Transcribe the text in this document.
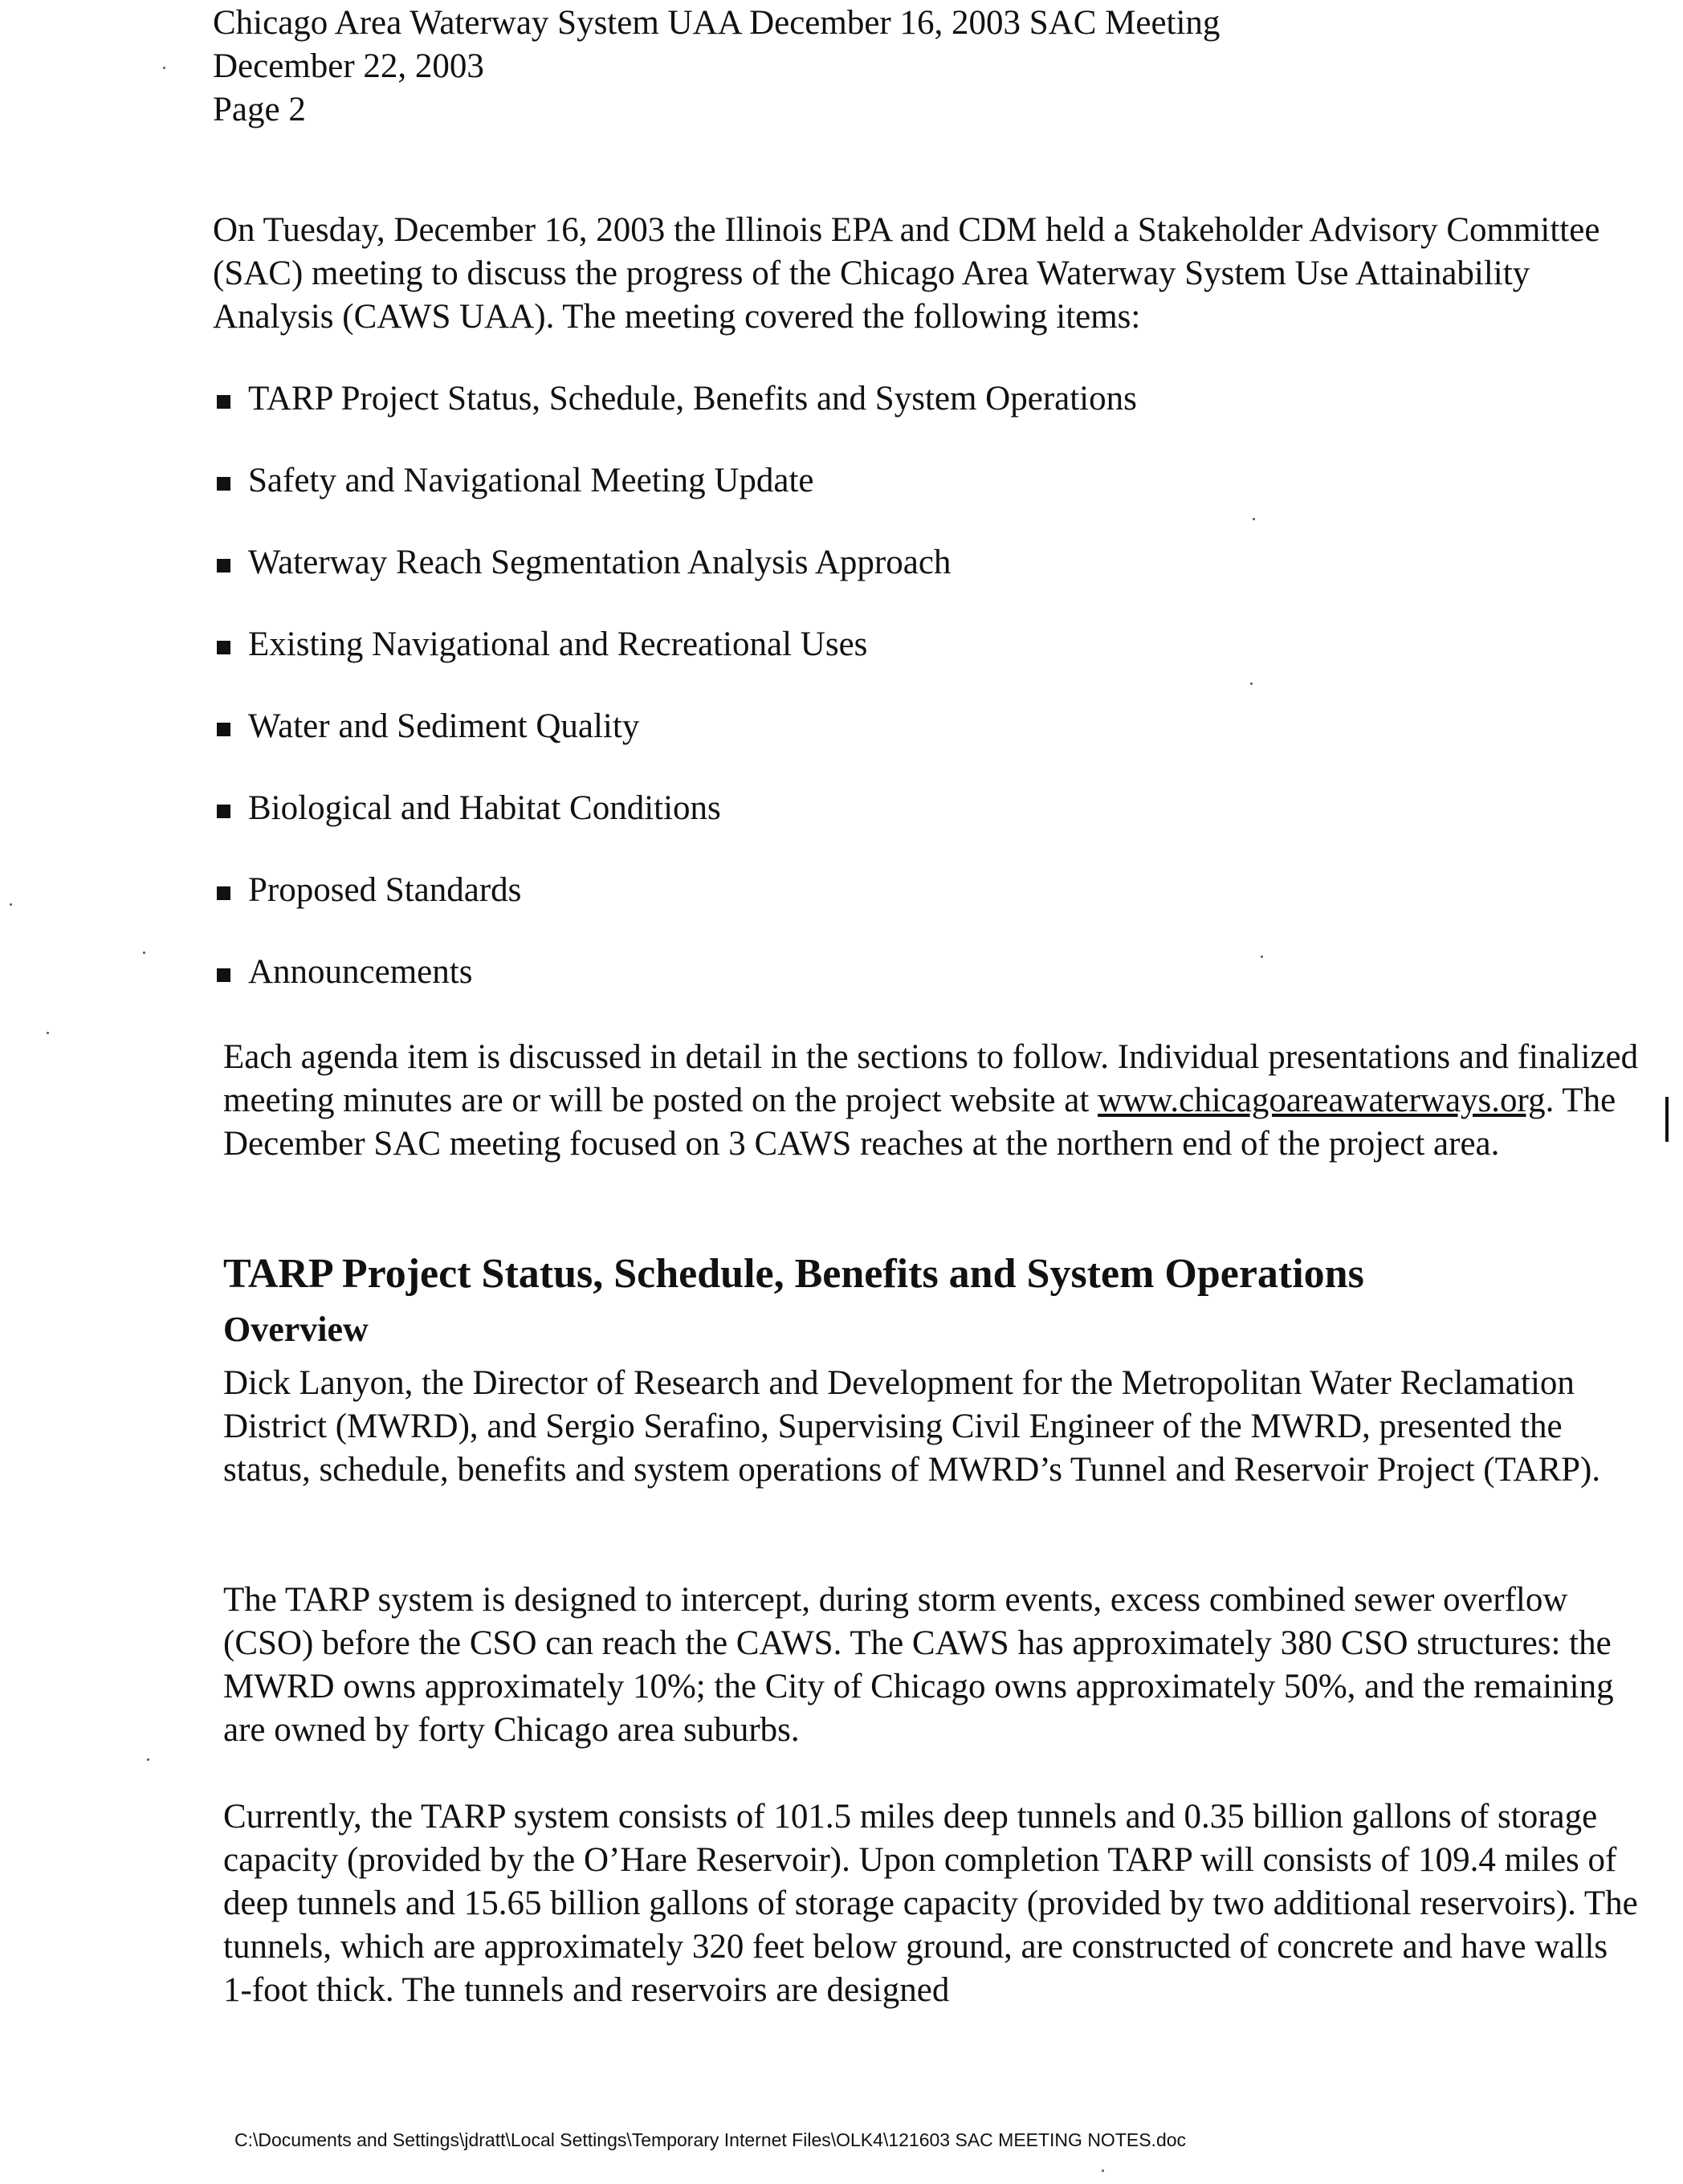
Chicago Area Waterway System UAA December 16, 2003 SAC Meeting
December 22, 2003
Page 2

On Tuesday, December 16, 2003 the Illinois EPA and CDM held a Stakeholder Advisory Committee (SAC) meeting to discuss the progress of the Chicago Area Waterway System Use Attainability Analysis (CAWS UAA). The meeting covered the following items:

TARP Project Status, Schedule, Benefits and System Operations
Safety and Navigational Meeting Update
Waterway Reach Segmentation Analysis Approach
Existing Navigational and Recreational Uses
Water and Sediment Quality
Biological and Habitat Conditions
Proposed Standards
Announcements

Each agenda item is discussed in detail in the sections to follow. Individual presentations and finalized meeting minutes are or will be posted on the project website at www.chicagoareawaterways.org. The December SAC meeting focused on 3 CAWS reaches at the northern end of the project area.

TARP Project Status, Schedule, Benefits and System Operations
Overview

Dick Lanyon, the Director of Research and Development for the Metropolitan Water Reclamation District (MWRD), and Sergio Serafino, Supervising Civil Engineer of the MWRD, presented the status, schedule, benefits and system operations of MWRD’s Tunnel and Reservoir Project (TARP).

The TARP system is designed to intercept, during storm events, excess combined sewer overflow (CSO) before the CSO can reach the CAWS. The CAWS has approximately 380 CSO structures: the MWRD owns approximately 10%; the City of Chicago owns approximately 50%, and the remaining are owned by forty Chicago area suburbs.

Currently, the TARP system consists of 101.5 miles deep tunnels and 0.35 billion gallons of storage capacity (provided by the O’Hare Reservoir). Upon completion TARP will consists of 109.4 miles of deep tunnels and 15.65 billion gallons of storage capacity (provided by two additional reservoirs). The tunnels, which are approximately 320 feet below ground, are constructed of concrete and have walls 1-foot thick. The tunnels and reservoirs are designed

C:\Documents and Settings\jdratt\Local Settings\Temporary Internet Files\OLK4\121603 SAC MEETING NOTES.doc
